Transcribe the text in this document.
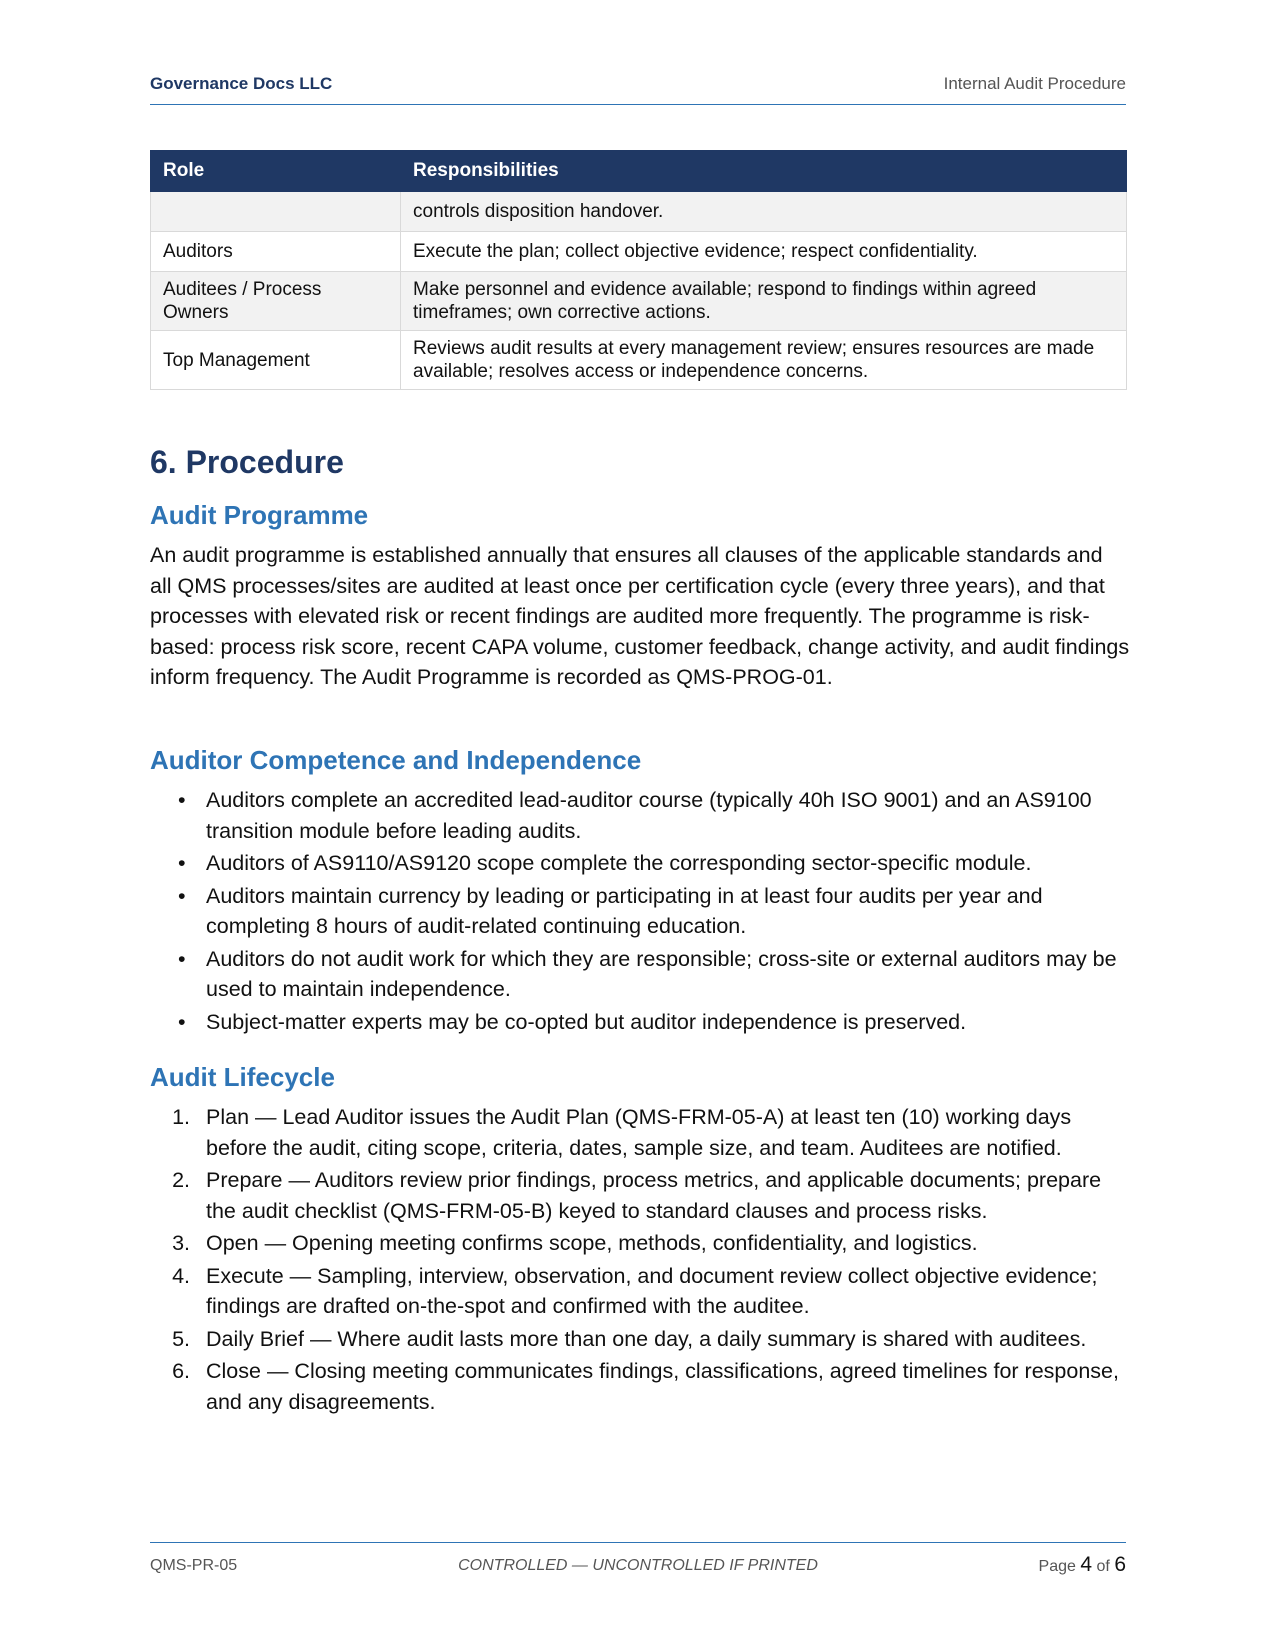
Governance Docs LLC	Internal Audit Procedure
Role	Responsibilities
	controls disposition handover.
Auditors	Execute the plan; collect objective evidence; respect confidentiality.
Auditees / Process Owners	Make personnel and evidence available; respond to findings within agreed timeframes; own corrective actions.
Top Management	Reviews audit results at every management review; ensures resources are made available; resolves access or independence concerns.
6. Procedure
Audit Programme

An audit programme is established annually that ensures all clauses of the applicable standards and all QMS processes/sites are audited at least once per certification cycle (every three years), and that processes with elevated risk or recent findings are audited more frequently. The programme is risk-based: process risk score, recent CAPA volume, customer feedback, change activity, and audit findings inform frequency. The Audit Programme is recorded as QMS-PROG-01.

Auditor Competence and Independence
• Auditors complete an accredited lead-auditor course (typically 40h ISO 9001) and an AS9100 transition module before leading audits.
• Auditors of AS9110/AS9120 scope complete the corresponding sector-specific module.
• Auditors maintain currency by leading or participating in at least four audits per year and completing 8 hours of audit-related continuing education.
• Auditors do not audit work for which they are responsible; cross-site or external auditors may be used to maintain independence.
• Subject-matter experts may be co-opted but auditor independence is preserved.
Audit Lifecycle
1. Plan — Lead Auditor issues the Audit Plan (QMS-FRM-05-A) at least ten (10) working days before the audit, citing scope, criteria, dates, sample size, and team. Auditees are notified.
2. Prepare — Auditors review prior findings, process metrics, and applicable documents; prepare the audit checklist (QMS-FRM-05-B) keyed to standard clauses and process risks.
3. Open — Opening meeting confirms scope, methods, confidentiality, and logistics.
4. Execute — Sampling, interview, observation, and document review collect objective evidence; findings are drafted on-the-spot and confirmed with the auditee.
5. Daily Brief — Where audit lasts more than one day, a daily summary is shared with auditees.
6. Close — Closing meeting communicates findings, classifications, agreed timelines for response, and any disagreements.
QMS-PR-05	CONTROLLED — UNCONTROLLED IF PRINTED	Page 4 of 6
